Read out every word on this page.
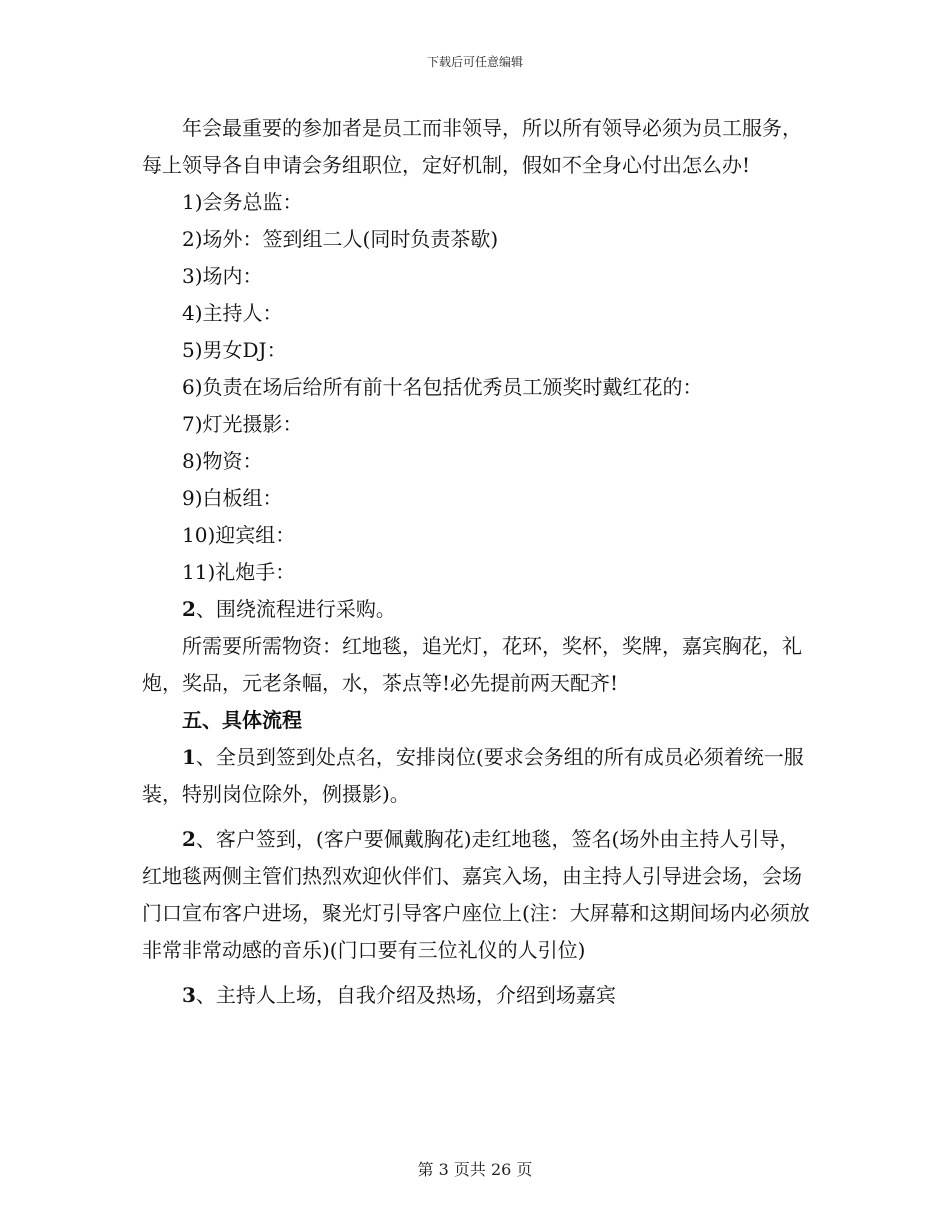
下载后可任意编辑

年会最重要的参加者是员工而非领导，所以所有领导必须为员工服务，每上领导各自申请会务组职位，定好机制，假如不全身心付出怎么办!

1)会务总监：

2)场外：签到组二人(同时负责茶歇)

3)场内：

4)主持人：

5)男女DJ：

6)负责在场后给所有前十名包括优秀员工颁奖时戴红花的：

7)灯光摄影：

8)物资：

9)白板组：

10)迎宾组：

11)礼炮手：

2、围绕流程进行采购。

所需要所需物资：红地毯，追光灯，花环，奖杯，奖牌，嘉宾胸花，礼炮，奖品，元老条幅，水，茶点等!必先提前两天配齐!

五、具体流程

1、全员到签到处点名，安排岗位(要求会务组的所有成员必须着统一服装，特别岗位除外，例摄影)。

2、客户签到，(客户要佩戴胸花)走红地毯，签名(场外由主持人引导，红地毯两侧主管们热烈欢迎伙伴们、嘉宾入场，由主持人引导进会场，会场门口宣布客户进场，聚光灯引导客户座位上(注：大屏幕和这期间场内必须放非常非常动感的音乐)(门口要有三位礼仪的人引位)

3、主持人上场，自我介绍及热场，介绍到场嘉宾

第 3 页共 26 页
